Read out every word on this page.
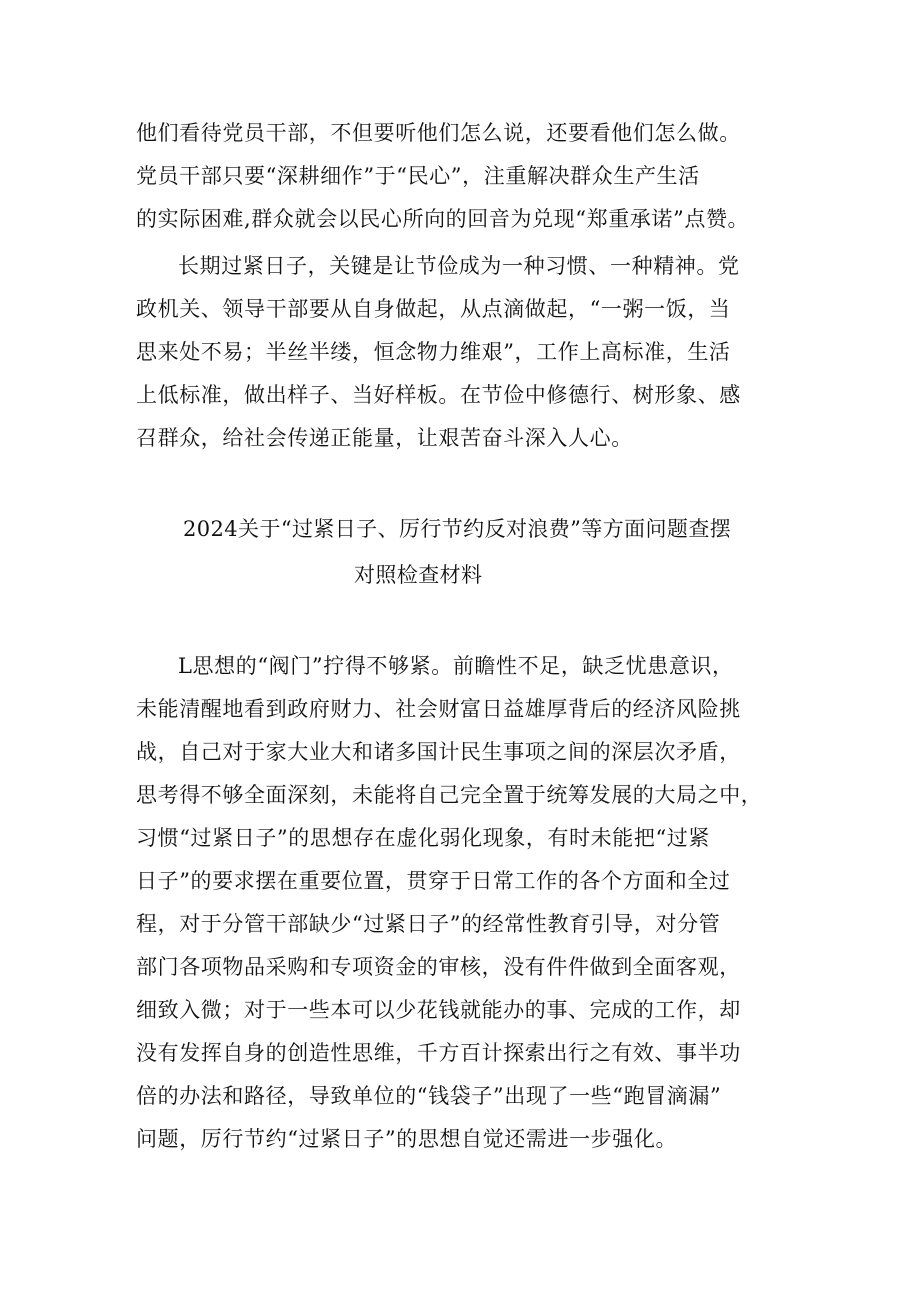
他们看待党员干部，不但要听他们怎么说，还要看他们怎么做。
党员干部只要“深耕细作”于“民心”，注重解决群众生产生活
的实际困难,群众就会以民心所向的回音为兑现“郑重承诺”点赞。
长期过紧日子，关键是让节俭成为一种习惯、一种精神。党
政机关、领导干部要从自身做起，从点滴做起，“一粥一饭，当
思来处不易；半丝半缕，恒念物力维艰”，工作上高标准，生活
上低标准，做出样子、当好样板。在节俭中修德行、树形象、感
召群众，给社会传递正能量，让艰苦奋斗深入人心。
2024关于“过紧日子、厉行节约反对浪费”等方面问题查摆
对照检查材料
L思想的“阀门”拧得不够紧。前瞻性不足，缺乏忧患意识，
未能清醒地看到政府财力、社会财富日益雄厚背后的经济风险挑
战，自己对于家大业大和诸多国计民生事项之间的深层次矛盾，
思考得不够全面深刻，未能将自己完全置于统筹发展的大局之中，
习惯“过紧日子”的思想存在虚化弱化现象，有时未能把“过紧
日子”的要求摆在重要位置，贯穿于日常工作的各个方面和全过
程，对于分管干部缺少“过紧日子”的经常性教育引导，对分管
部门各项物品采购和专项资金的审核，没有件件做到全面客观，
细致入微；对于一些本可以少花钱就能办的事、完成的工作，却
没有发挥自身的创造性思维，千方百计探索出行之有效、事半功
倍的办法和路径，导致单位的“钱袋子”出现了一些“跑冒滴漏”
问题，厉行节约“过紧日子”的思想自觉还需进一步强化。
